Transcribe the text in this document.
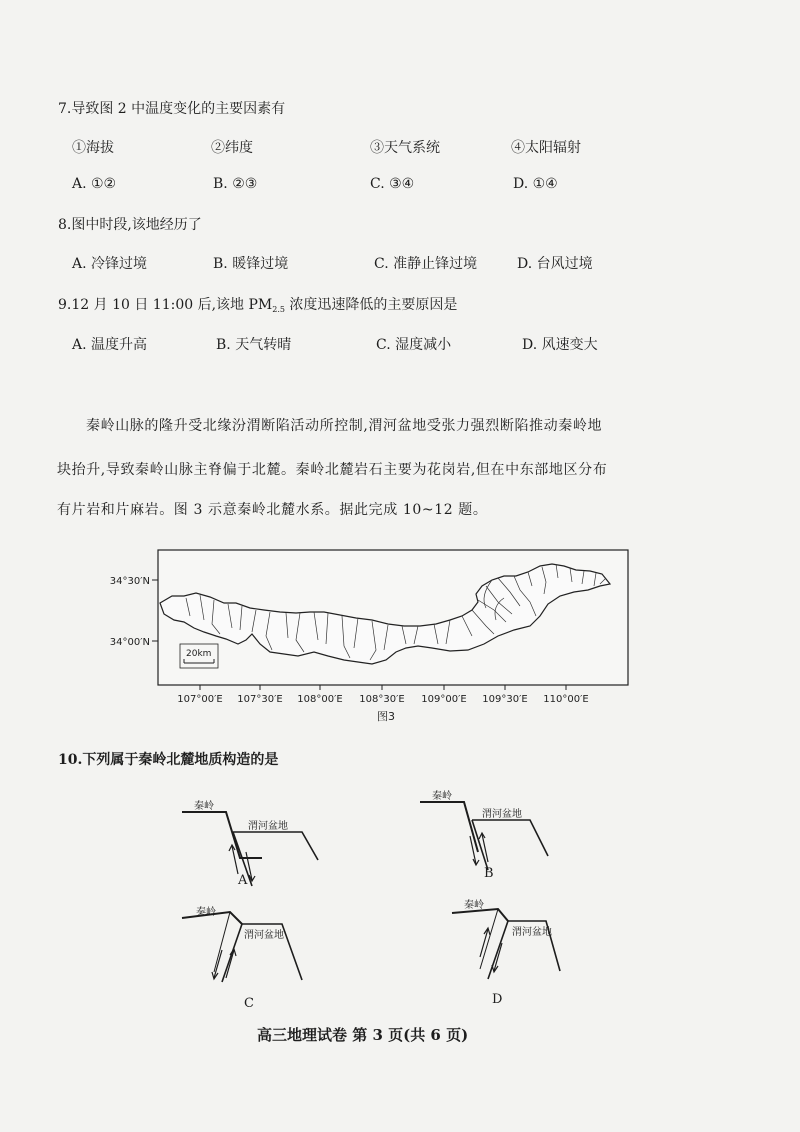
7.导致图 2 中温度变化的主要因素有
①海拔	②纬度	③天气系统	④太阳辐射
A. ①②	B. ②③	C. ③④	D. ①④
8.图中时段,该地经历了
A. 冷锋过境	B. 暖锋过境	C. 准静止锋过境	D. 台风过境
9.12 月 10 日 11:00 后,该地 $PM_{2.5}$ 浓度迅速降低的主要原因是
A. 温度升高	B. 天气转晴	C. 湿度减小	D. 风速变大
秦岭山脉的隆升受北缘汾渭断陷活动所控制,渭河盆地受张力强烈断陷推动秦岭地
块抬升,导致秦岭山脉主脊偏于北麓。秦岭北麓岩石主要为花岗岩,但在中东部地区分布
有片岩和片麻岩。图 3 示意秦岭北麓水系。据此完成 10~12 题。
20km
34°30′N
34°00′N
107°00′E 107°30′E 108°00′E 108°30′E 109°00′E 109°30′E 110°00′E
图3
10.下列属于秦岭北麓地质构造的是
秦岭
渭河盆地
A
秦岭
渭河盆地
B
秦岭
渭河盆地
C
秦岭
渭河盆地
D
高三地理试卷 第 3 页(共 6 页)
